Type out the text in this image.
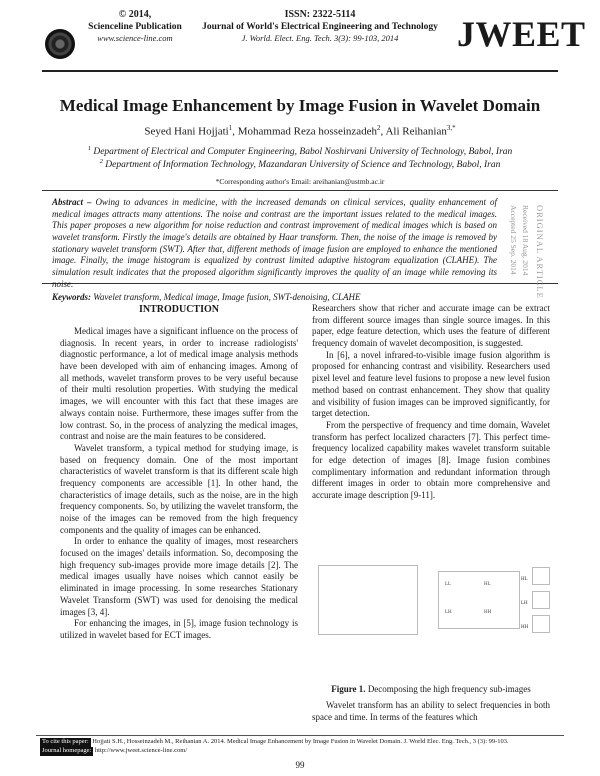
© 2014,
Scienceline Publication
www.science-line.com
ISSN: 2322-5114
Journal of World's Electrical Engineering and Technology
J. World. Elect. Eng. Tech. 3(3): 99-103, 2014	JWEET
Medical Image Enhancement by Image Fusion in Wavelet Domain
Seyed Hani Hojjati$^1$, Mohammad Reza hosseinzadeh$^2$, Ali Reihanian$^{3,*}$
$^1$ Department of Electrical and Computer Engineering, Babol Noshirvani University of Technology, Babol, Iran
$^2$ Department of Information Technology, Mazandaran University of Science and Technology, Babol, Iran
*Corresponding author's Email: areihanian@ustmb.ac.ir
Abstract – Owing to advances in medicine, with the increased demands on clinical services, quality enhancement of medical images attracts many attentions. The noise and contrast are the important issues related to the medical images. This paper proposes a new algorithm for noise reduction and contrast improvement of medical images which is based on wavelet transform. Firstly the image's details are obtained by Haar transform. Then, the noise of the image is removed by stationary wavelet transform (SWT). After that, different methods of image fusion are employed to enhance the mentioned image. Finally, the image histogram is equalized by contrast limited adaptive histogram equalization (CLAHE). The simulation result indicates that the proposed algorithm significantly improves the quality of an image while removing its noise.	ORIGINAL ARTICLE
Received 18 Aug. 2014
Accepted 25 Sep. 2014
Keywords: Wavelet transform, Medical image, Image fusion, SWT-denoising, CLAHE
INTRODUCTION

Medical images have a significant influence on the process of diagnosis. In recent years, in order to increase radiologists' diagnostic performance, a lot of medical image analysis methods have been developed with aim of enhancing images. Among of all methods, wavelet transform proves to be very useful because of their multi resolution properties. With studying the medical images, we will encounter with this fact that these images are always contain noise. Furthermore, these images suffer from the low contrast. So, in the process of analyzing the medical images, contrast and noise are the main features to be considered.

Wavelet transform, a typical method for studying image, is based on frequency domain. One of the most important characteristics of wavelet transform is that its different scale high frequency components are accessible [1]. In other hand, the characteristics of image details, such as the noise, are in the high frequency components. So, by utilizing the wavelet transform, the noise of the images can be removed from the high frequency components and the quality of images can be enhanced.

In order to enhance the quality of images, most researchers focused on the images' details information. So, decomposing the high frequency sub-images provide more image details [2]. The medical images usually have noises which cannot easily be eliminated in image processing. In some researches Stationary Wavelet Transform (SWT) was used for denoising the medical images [3, 4].

For enhancing the images, in [5], image fusion technology is utilized in wavelet based for ECT images.

Researchers show that richer and accurate image can be extract from different source images than single source images. In this paper, edge feature detection, which uses the feature of different frequency domain of wavelet decomposition, is suggested.

In [6], a novel infrared-to-visible image fusion algorithm is proposed for enhancing contrast and visibility. Researchers used pixel level and feature level fusions to propose a new level fusion method based on contrast enhancement. They show that quality and visibility of fusion images can be improved significantly, for target detection.

From the perspective of frequency and time domain, Wavelet transform has perfect localized characters [7]. This perfect time-frequency localized capability makes wavelet transform suitable for edge detection of images [8]. Image fusion combines complimentary information and redundant information through different images in order to obtain more comprehensive and accurate image description [9-11].

LL	HL
LH	HH
HL
LH
HH
Figure 1. Decomposing the high frequency sub-images

Wavelet transform has an ability to select frequencies in both space and time. In terms of the features which

To cite this paper: Hojjati S.H., Hosseinzadeh M., Reihanian A. 2014. Medical Image Enhancement by Image Fusion in Wavelet Domain. J. World Elec. Eng. Tech., 3 (3): 99-103.
Journal homepage: http://www.jweet.science-line.com/
99
